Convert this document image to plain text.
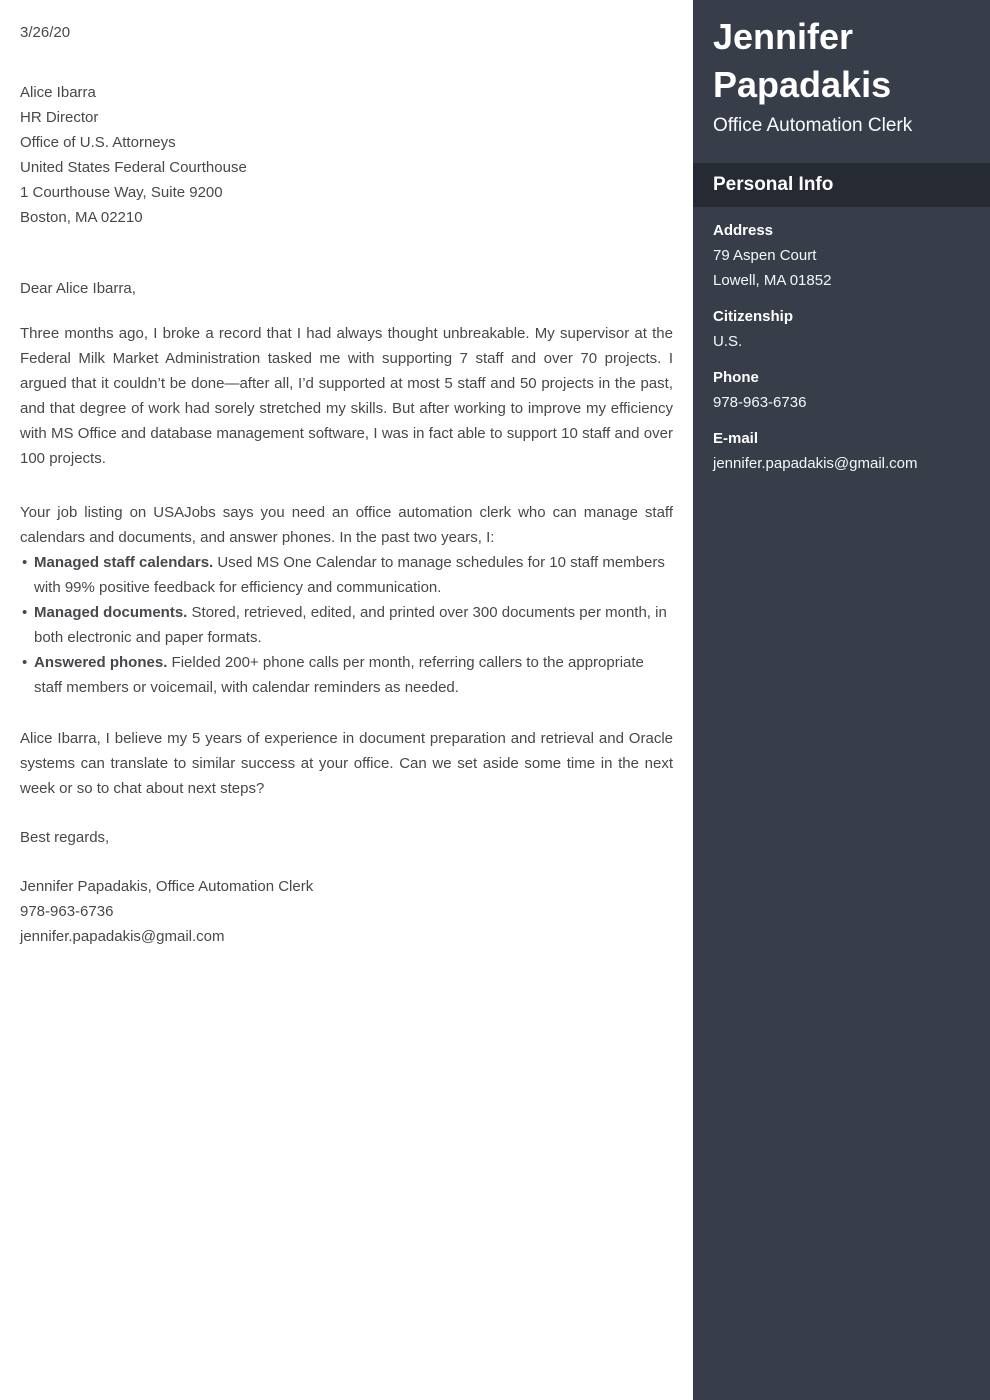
3/26/20
Alice Ibarra
HR Director
Office of U.S. Attorneys
United States Federal Courthouse
1 Courthouse Way, Suite 9200
Boston, MA 02210

Dear Alice Ibarra,

Three months ago, I broke a record that I had always thought unbreakable. My supervisor at the Federal Milk Market Administration tasked me with supporting 7 staff and over 70 projects. I argued that it couldn’t be done—after all, I’d supported at most 5 staff and 50 projects in the past, and that degree of work had sorely stretched my skills. But after working to improve my efficiency with MS Office and database management software, I was in fact able to support 10 staff and over 100 projects.

Your job listing on USAJobs says you need an office automation clerk who can manage staff calendars and documents, and answer phones. In the past two years, I:

• Managed staff calendars. Used MS One Calendar to manage schedules for 10 staff members with 99% positive feedback for efficiency and communication.
• Managed documents. Stored, retrieved, edited, and printed over 300 documents per month, in both electronic and paper formats.
• Answered phones. Fielded 200+ phone calls per month, referring callers to the appropriate staff members or voicemail, with calendar reminders as needed.

Alice Ibarra, I believe my 5 years of experience in document preparation and retrieval and Oracle systems can translate to similar success at your office. Can we set aside some time in the next week or so to chat about next steps?

Best regards,

Jennifer Papadakis, Office Automation Clerk
978-963-6736
jennifer.papadakis@gmail.com
Jennifer Papadakis
Office Automation Clerk
Personal Info
Address
79 Aspen Court
Lowell, MA 01852
Citizenship
U.S.
Phone
978-963-6736
E-mail
jennifer.papadakis@gmail.com
